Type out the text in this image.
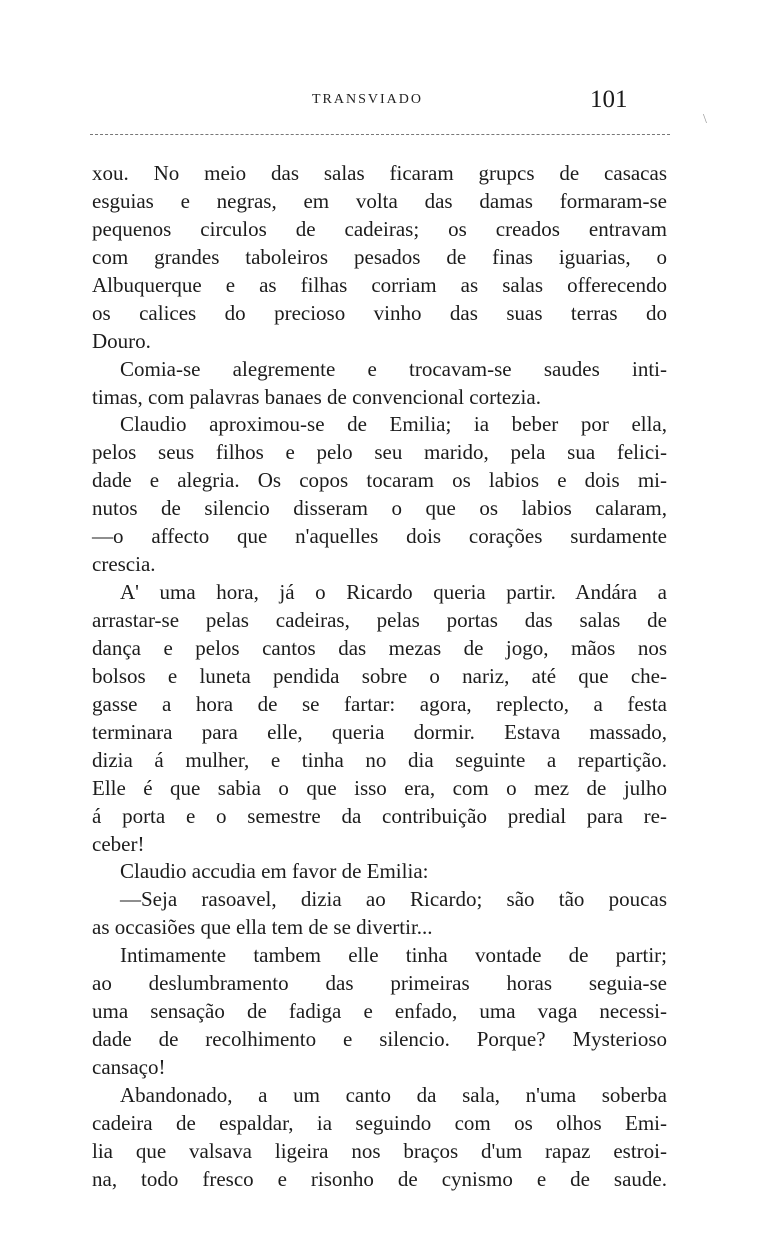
TRANSVIADO	101
\
xou. No meio das salas ficaram grupcs de casacas
esguias e negras, em volta das damas formaram-se
pequenos circulos de cadeiras; os creados entravam
com grandes taboleiros pesados de finas iguarias, o
Albuquerque e as filhas corriam as salas offerecendo
os calices do precioso vinho das suas terras do
Douro.
Comia-se alegremente e trocavam-se saudes inti-
timas, com palavras banaes de convencional cortezia.
Claudio aproximou-se de Emilia; ia beber por ella,
pelos seus filhos e pelo seu marido, pela sua felici-
dade e alegria. Os copos tocaram os labios e dois mi-
nutos de silencio disseram o que os labios calaram,
—o affecto que n'aquelles dois corações surdamente
crescia.
A' uma hora, já o Ricardo queria partir. Andára a
arrastar-se pelas cadeiras, pelas portas das salas de
dança e pelos cantos das mezas de jogo, mãos nos
bolsos e luneta pendida sobre o nariz, até que che-
gasse a hora de se fartar: agora, replecto, a festa
terminara para elle, queria dormir. Estava massado,
dizia á mulher, e tinha no dia seguinte a repartição.
Elle é que sabia o que isso era, com o mez de julho
á porta e o semestre da contribuição predial para re-
ceber!
Claudio accudia em favor de Emilia:
—Seja rasoavel, dizia ao Ricardo; são tão poucas
as occasiões que ella tem de se divertir...
Intimamente tambem elle tinha vontade de partir;
ao deslumbramento das primeiras horas seguia-se
uma sensação de fadiga e enfado, uma vaga necessi-
dade de recolhimento e silencio. Porque? Mysterioso
cansaço!
Abandonado, a um canto da sala, n'uma soberba
cadeira de espaldar, ia seguindo com os olhos Emi-
lia que valsava ligeira nos braços d'um rapaz estroi-
na, todo fresco e risonho de cynismo e de saude.
